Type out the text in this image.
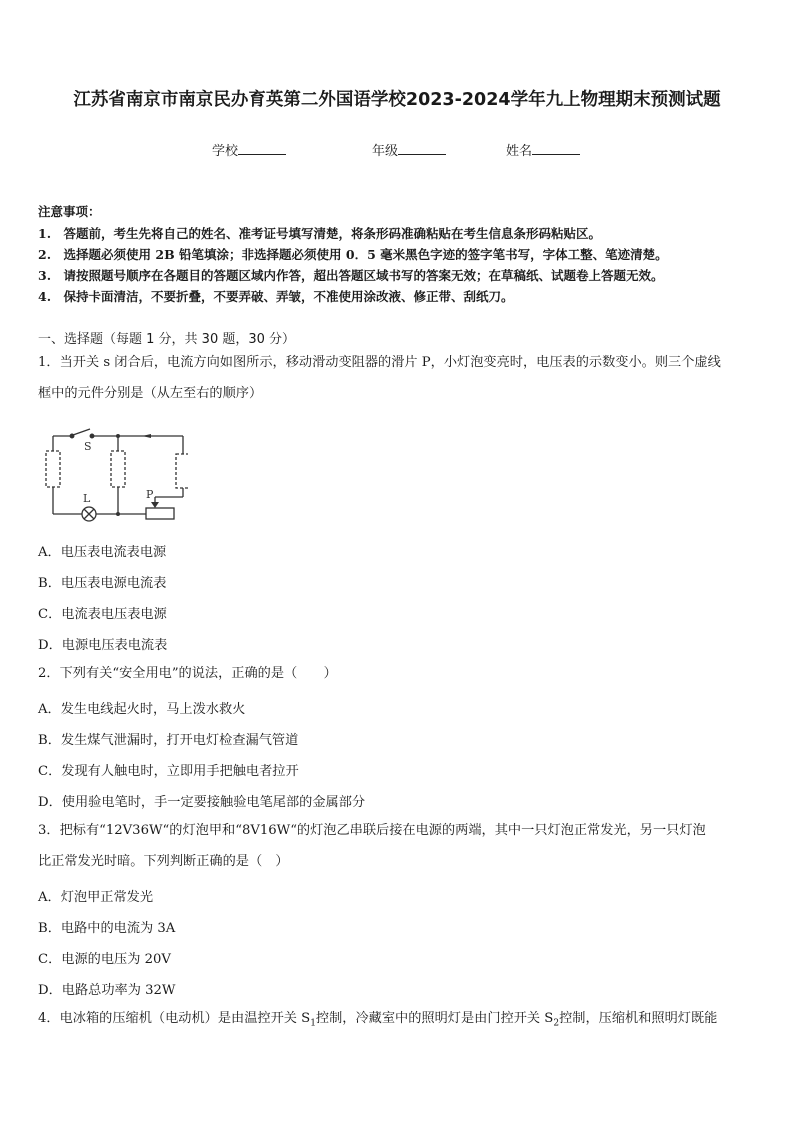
江苏省南京市南京民办育英第二外国语学校2023-2024学年九上物理期末预测试题
学校	年级	姓名
注意事项：
1.　答题前，考生先将自己的姓名、准考证号填写清楚，将条形码准确粘贴在考生信息条形码粘贴区。
2.　选择题必须使用 2B 铅笔填涂；非选择题必须使用 0．5 毫米黑色字迹的签字笔书写，字体工整、笔迹清楚。
3.　请按照题号顺序在各题目的答题区域内作答，超出答题区域书写的答案无效；在草稿纸、试题卷上答题无效。
4.　保持卡面清洁，不要折叠，不要弄破、弄皱，不准使用涂改液、修正带、刮纸刀。
一、选择题（每题 1 分，共 30 题，30 分）
1．当开关 s 闭合后，电流方向如图所示，移动滑动变阻器的滑片 P，小灯泡变亮时，电压表的示数变小。则三个虚线
框中的元件分别是（从左至右的顺序）
S
L	P
A．电压表电流表电源
B．电压表电源电流表
C．电流表电压表电源
D．电源电压表电流表
2．下列有关“安全用电”的说法，正确的是（　　）
A．发生电线起火时，马上泼水救火
B．发生煤气泄漏时，打开电灯检查漏气管道
C．发现有人触电时，立即用手把触电者拉开
D．使用验电笔时，手一定要接触验电笔尾部的金属部分
3．把标有“12V36W“的灯泡甲和“8V16W“的灯泡乙串联后接在电源的两端，其中一只灯泡正常发光，另一只灯泡
比正常发光时暗。下列判断正确的是（　）
A．灯泡甲正常发光
B．电路中的电流为 3A
C．电源的电压为 20V
D．电路总功率为 32W
4．电冰箱的压缩机（电动机）是由温控开关 $S_1$控制，冷藏室中的照明灯是由门控开关 $S_2$控制，压缩机和照明灯既能
